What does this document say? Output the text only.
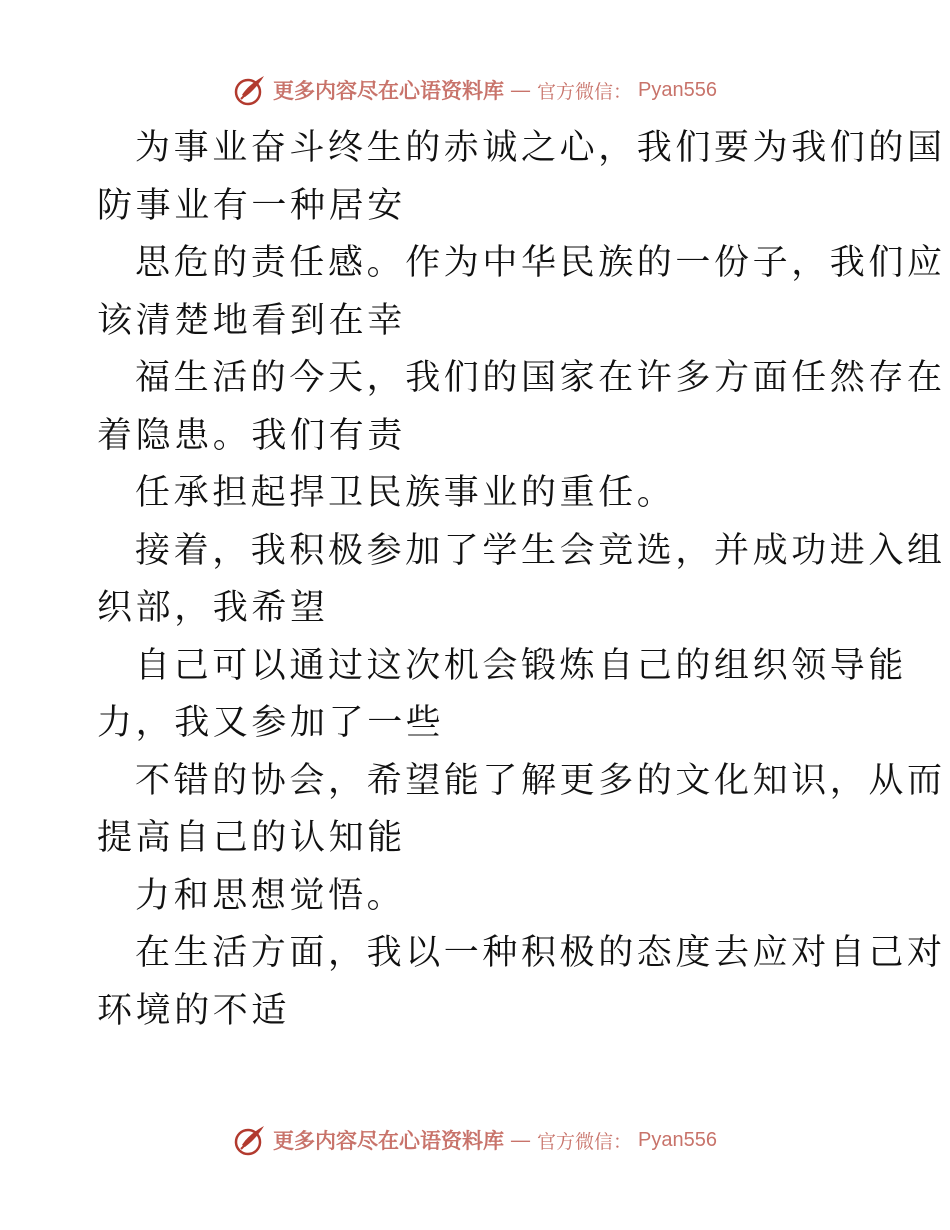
更多内容尽在心语资料库 — 官方微信： Pyan556
为事业奋斗终生的赤诚之心，我们要为我们的国
防事业有一种居安
思危的责任感。作为中华民族的一份子，我们应
该清楚地看到在幸
福生活的今天，我们的国家在许多方面任然存在
着隐患。我们有责
任承担起捍卫民族事业的重任。
接着，我积极参加了学生会竞选，并成功进入组
织部，我希望
自己可以通过这次机会锻炼自己的组织领导能
力，我又参加了一些
不错的协会，希望能了解更多的文化知识，从而
提高自己的认知能
力和思想觉悟。
在生活方面，我以一种积极的态度去应对自己对
环境的不适
更多内容尽在心语资料库 — 官方微信： Pyan556
